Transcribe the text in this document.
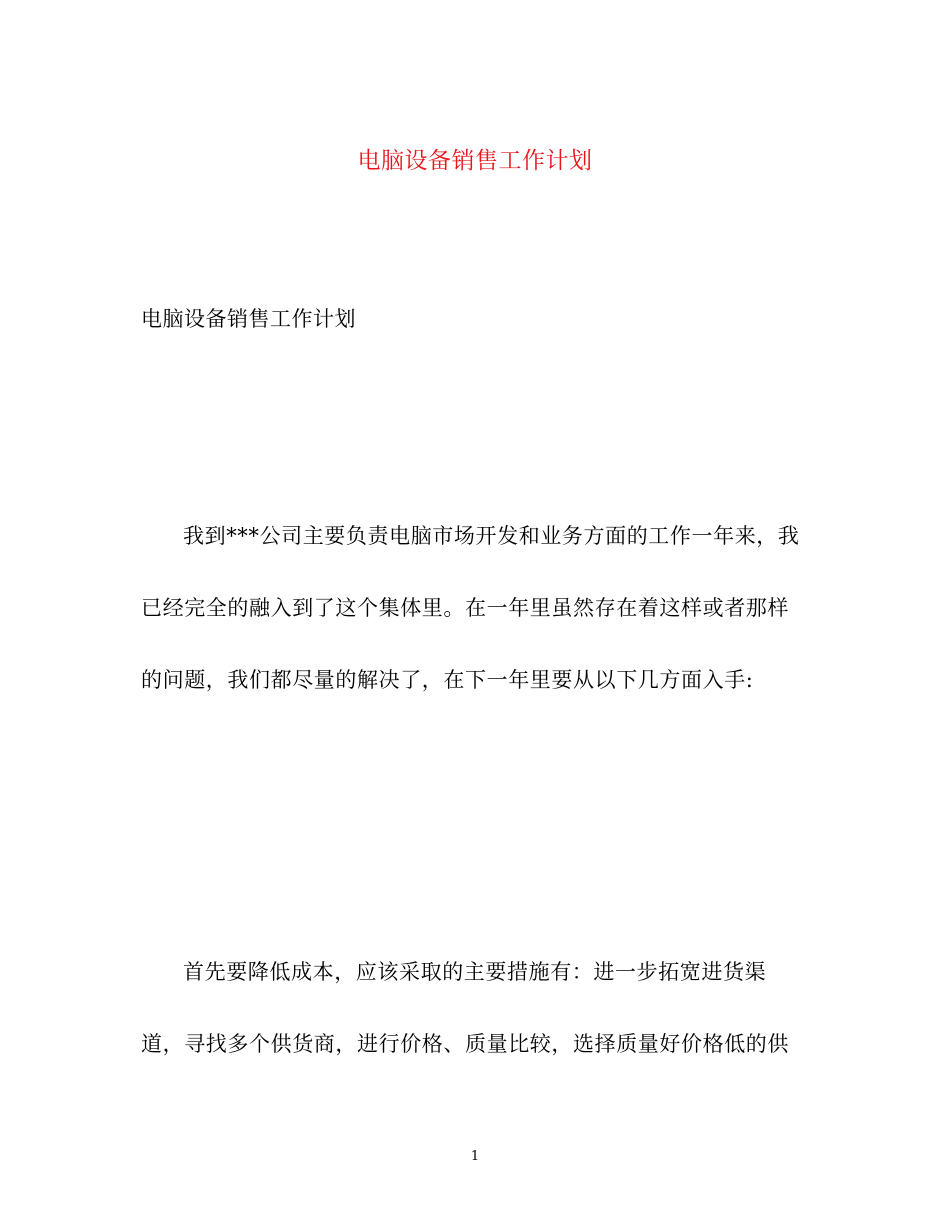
电脑设备销售工作计划
电脑设备销售工作计划
我到***公司主要负责电脑市场开发和业务方面的工作一年来，我
已经完全的融入到了这个集体里。在一年里虽然存在着这样或者那样
的问题，我们都尽量的解决了，在下一年里要从以下几方面入手:
首先要降低成本，应该采取的主要措施有：进一步拓宽进货渠
道，寻找多个供货商，进行价格、质量比较，选择质量好价格低的供
1
